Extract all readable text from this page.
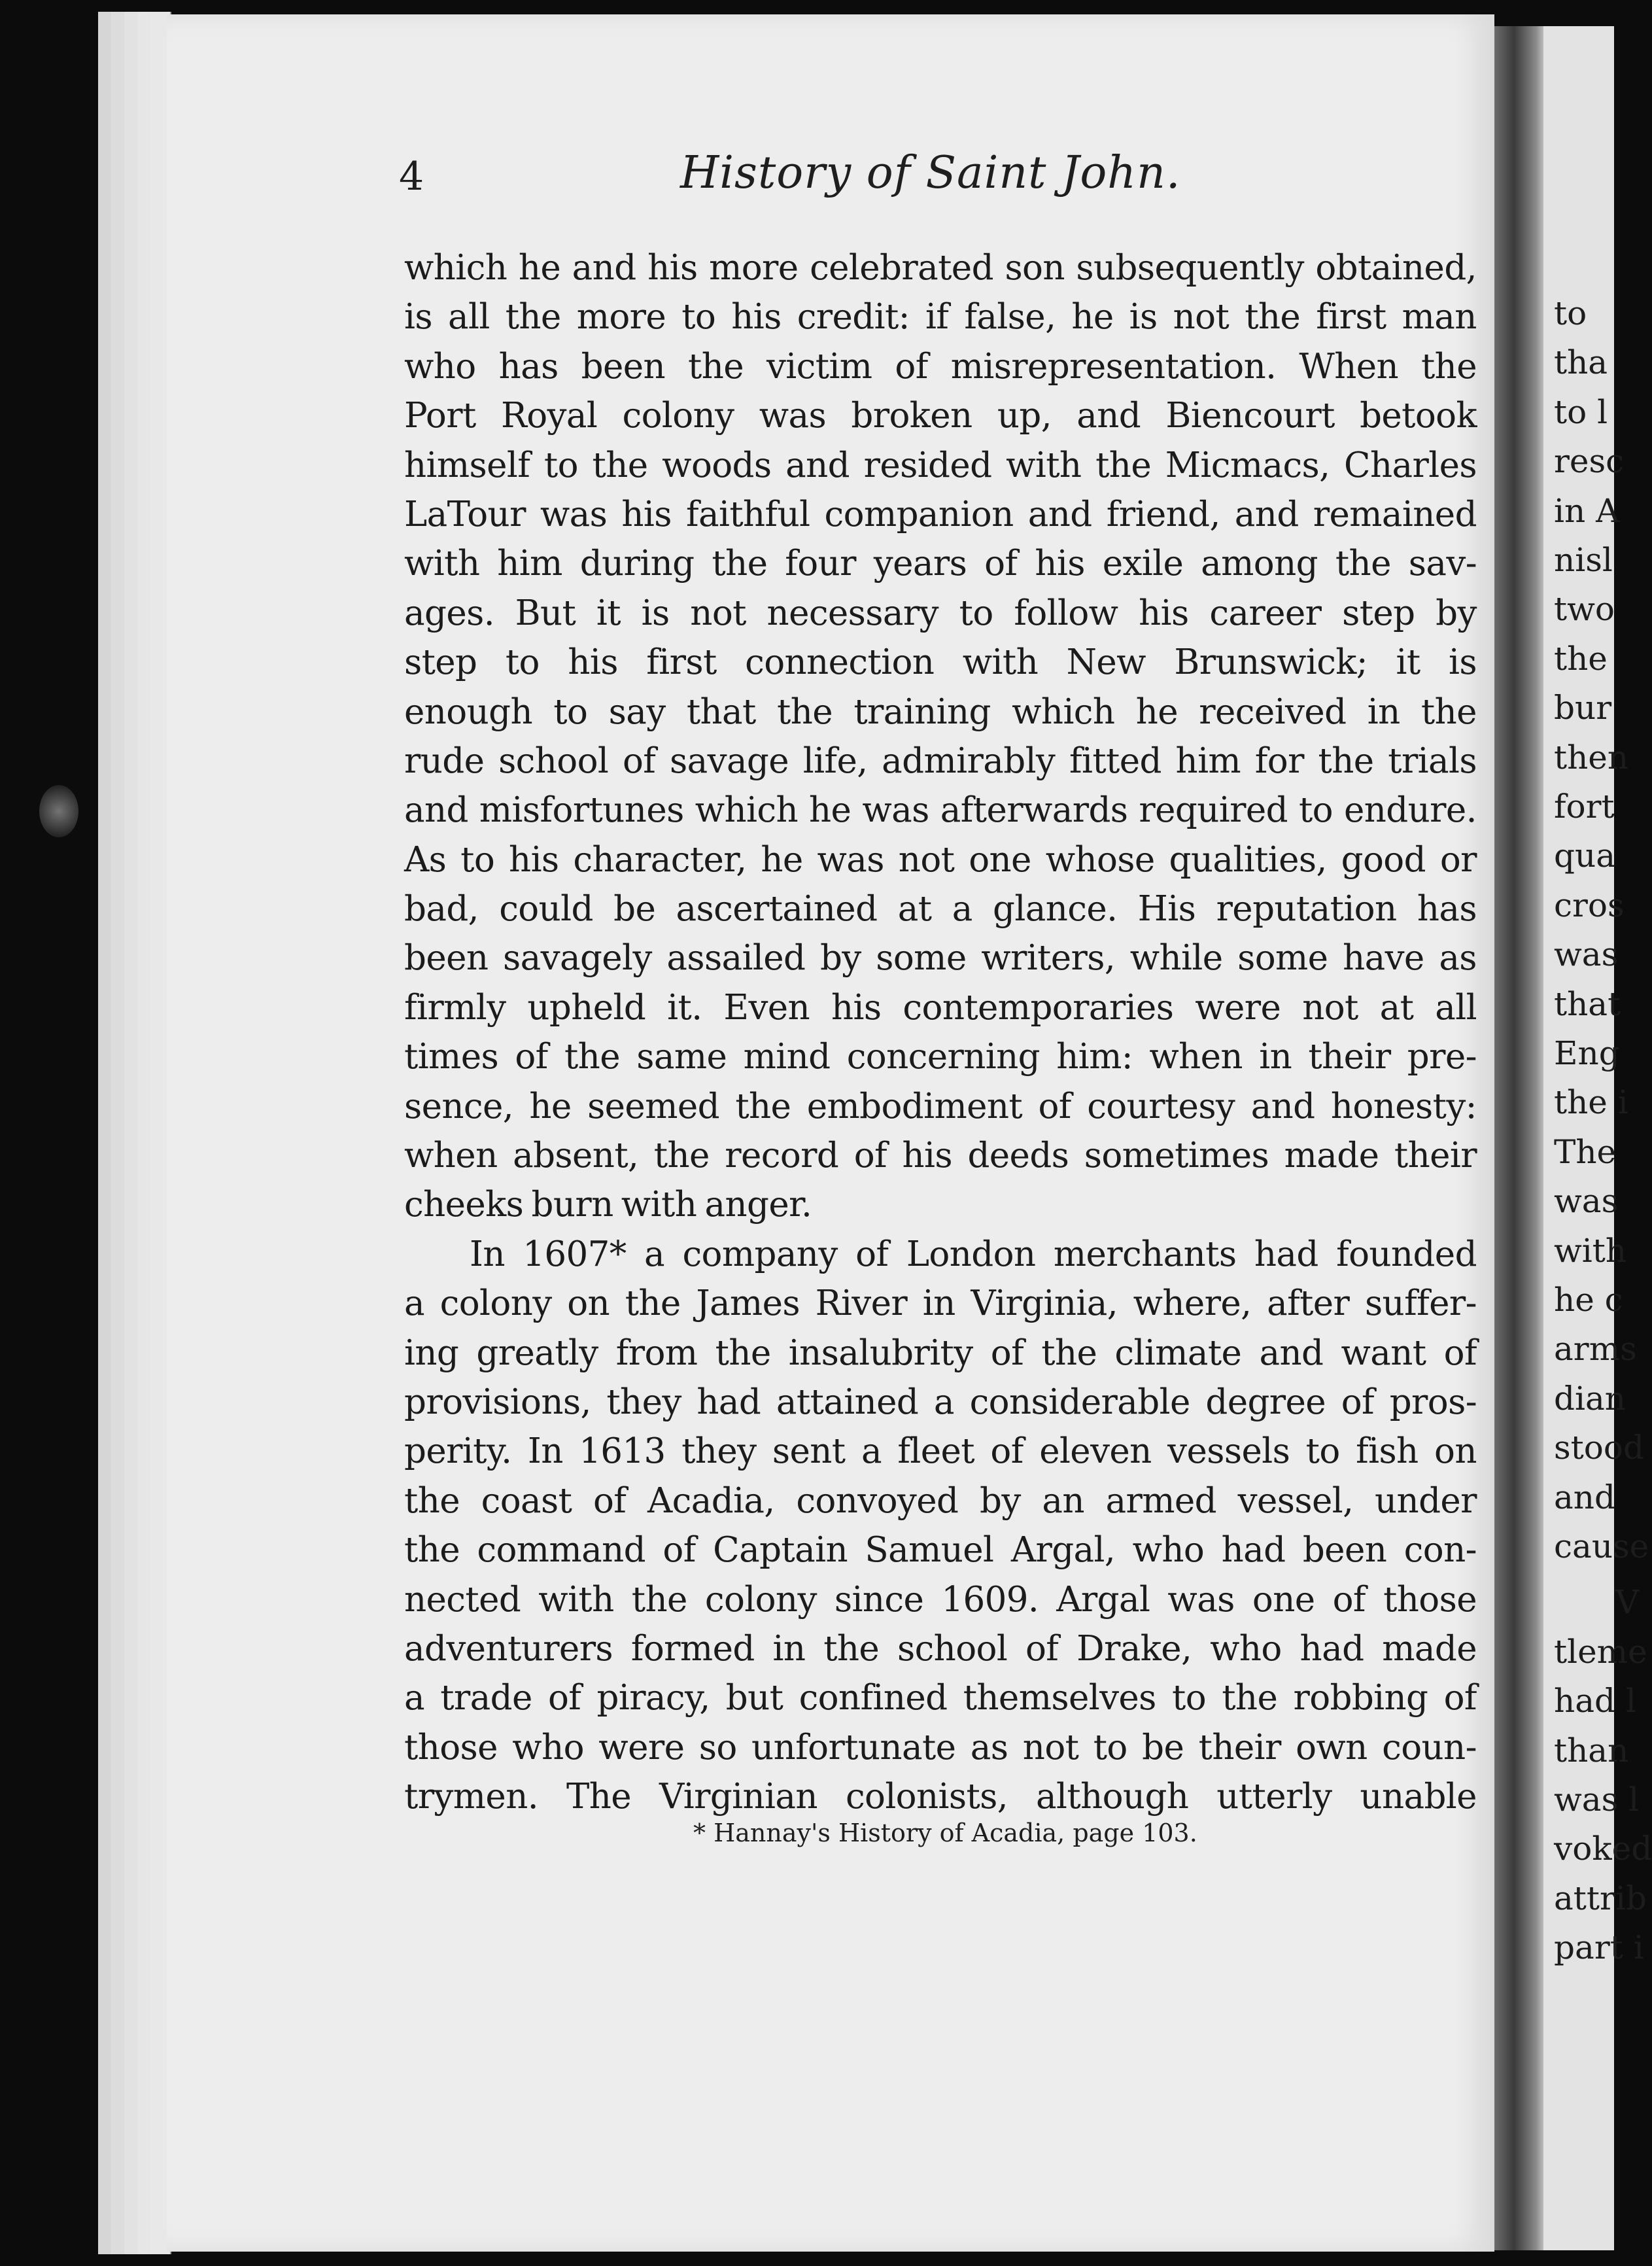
4	History of Saint John.
which he and his more celebrated son subsequently obtained,
is all the more to his credit: if false, he is not the first man
who has been the victim of misrepresentation. When the
Port Royal colony was broken up, and Biencourt betook
himself to the woods and resided with the Micmacs, Charles
LaTour was his faithful companion and friend, and remained
with him during the four years of his exile among the sav-
ages. But it is not necessary to follow his career step by
step to his first connection with New Brunswick; it is
enough to say that the training which he received in the
rude school of savage life, admirably fitted him for the trials
and misfortunes which he was afterwards required to endure.
As to his character, he was not one whose qualities, good or
bad, could be ascertained at a glance. His reputation has
been savagely assailed by some writers, while some have as
firmly upheld it. Even his contemporaries were not at all
times of the same mind concerning him: when in their pre-
sence, he seemed the embodiment of courtesy and honesty:
when absent, the record of his deeds sometimes made their
cheeks burn with anger.
In 1607* a company of London merchants had founded
a colony on the James River in Virginia, where, after suffer-
ing greatly from the insalubrity of the climate and want of
provisions, they had attained a considerable degree of pros-
perity. In 1613 they sent a fleet of eleven vessels to fish on
the coast of Acadia, convoyed by an armed vessel, under
the command of Captain Samuel Argal, who had been con-
nected with the colony since 1609. Argal was one of those
adventurers formed in the school of Drake, who had made
a trade of piracy, but confined themselves to the robbing of
those who were so unfortunate as not to be their own coun-
trymen. The Virginian colonists, although utterly unable
* Hannay's History of Acadia, page 103.
to
tha
to l
resc
in A
nisl
two
the
bur
then
fort
qua
cros
was
that
Eng
the i
The
was
with
he c
arms
dian
stood
and
cause
V
tleme
had l
than
was l
voked
attrib
part i
